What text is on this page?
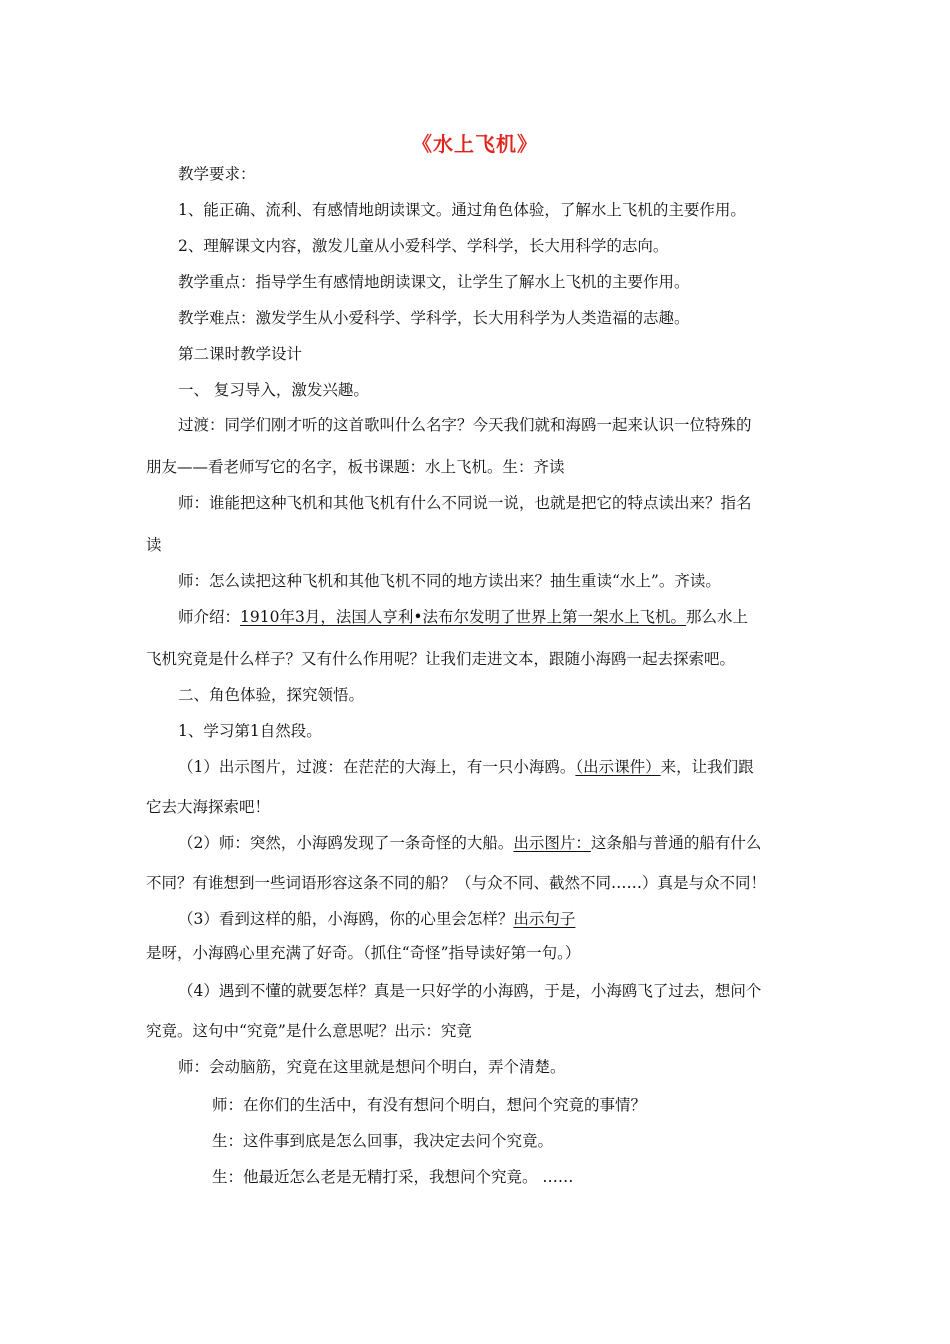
《水上飞机》
教学要求：
1、能正确、流利、有感情地朗读课文。通过角色体验，了解水上飞机的主要作用。
2、理解课文内容，激发儿童从小爱科学、学科学，长大用科学的志向。
教学重点：指导学生有感情地朗读课文，让学生了解水上飞机的主要作用。
教学难点：激发学生从小爱科学、学科学，长大用科学为人类造福的志趣。
第二课时教学设计
一、 复习导入，激发兴趣。
过渡：同学们刚才听的这首歌叫什么名字？今天我们就和海鸥一起来认识一位特殊的
朋友——看老师写它的名字，板书课题：水上飞机。生：齐读
师：谁能把这种飞机和其他飞机有什么不同说一说，也就是把它的特点读出来？指名
读
师：怎么读把这种飞机和其他飞机不同的地方读出来？抽生重读“水上”。齐读。
师介绍：1910年3月，法国人亨利•法布尔发明了世界上第一架水上飞机。那么水上
飞机究竟是什么样子？又有什么作用呢？让我们走进文本，跟随小海鸥一起去探索吧。
二、角色体验，探究领悟。
1、学习第1自然段。
（1）出示图片，过渡：在茫茫的大海上，有一只小海鸥。（出示课件）来，让我们跟
它去大海探索吧！
（2）师：突然，小海鸥发现了一条奇怪的大船。出示图片：这条船与普通的船有什么
不同？有谁想到一些词语形容这条不同的船？（与众不同、截然不同……）真是与众不同！
（3）看到这样的船，小海鸥，你的心里会怎样？出示句子
是呀，小海鸥心里充满了好奇。（抓住“奇怪”指导读好第一句。）
（4）遇到不懂的就要怎样？真是一只好学的小海鸥，于是，小海鸥飞了过去，想问个
究竟。这句中“究竟”是什么意思呢？出示：究竟
师：会动脑筋，究竟在这里就是想问个明白，弄个清楚。
师：在你们的生活中，有没有想问个明白，想问个究竟的事情？
生：这件事到底是怎么回事，我决定去问个究竟。
生：他最近怎么老是无精打采，我想问个究竟。 ……
